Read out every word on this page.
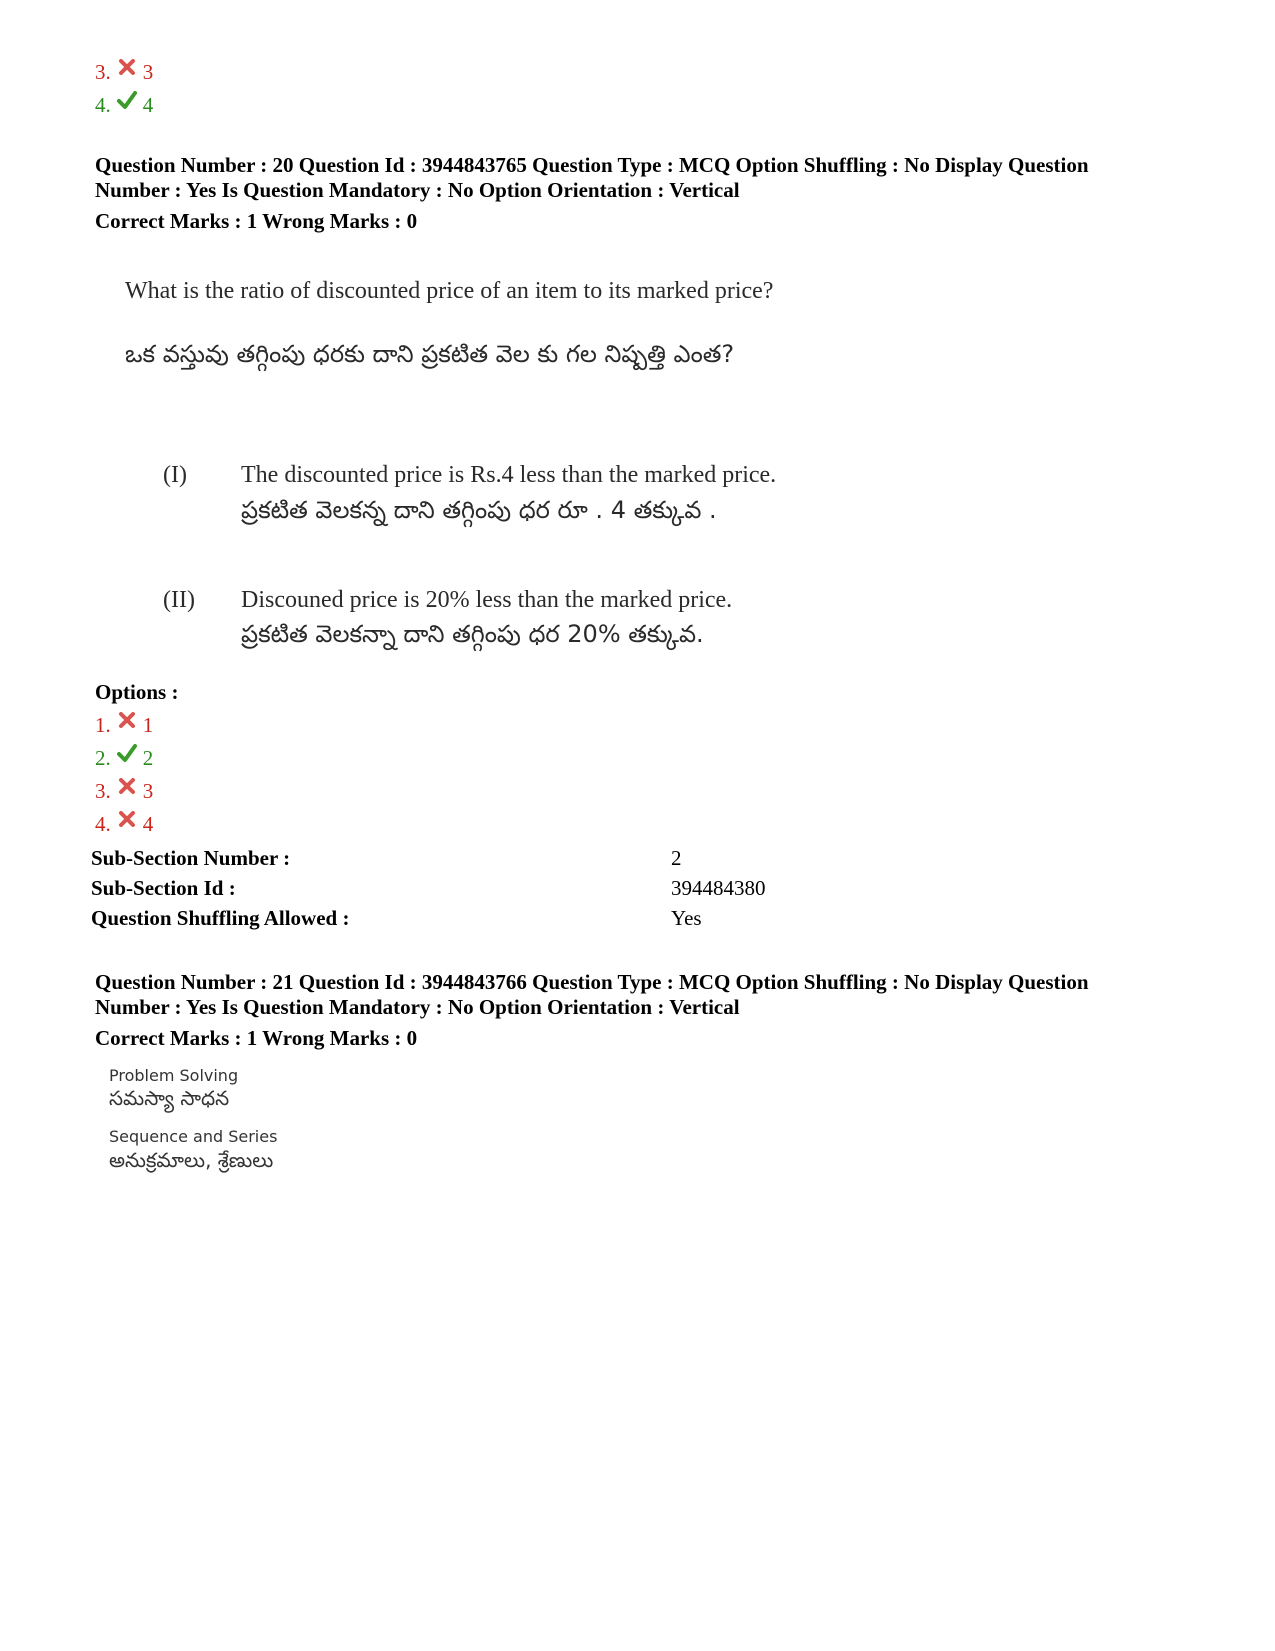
3. 3
4. 4
Question Number : 20 Question Id : 3944843765 Question Type : MCQ Option Shuffling : No Display Question
Number : Yes Is Question Mandatory : No Option Orientation : Vertical
Correct Marks : 1 Wrong Marks : 0
What is the ratio of discounted price of an item to its marked price?
ఒక వస్తువు తగ్గింపు ధరకు దాని ప్రకటిత వెల కు గల నిష్పత్తి ఎంత?
(I) The discounted price is Rs.4 less than the marked price.
ప్రకటిత వెలకన్న దాని తగ్గింపు ధర రూ . 4 తక్కువ .
(II) Discouned price is 20% less than the marked price.
ప్రకటిత వెలకన్నా దాని తగ్గింపు ధర 20% తక్కువ.
Options :
1. 1
2. 2
3. 3
4. 4
Sub-Section Number :	2
Sub-Section Id :	394484380
Question Shuffling Allowed :	Yes
Question Number : 21 Question Id : 3944843766 Question Type : MCQ Option Shuffling : No Display Question
Number : Yes Is Question Mandatory : No Option Orientation : Vertical
Correct Marks : 1 Wrong Marks : 0
Problem Solving
సమస్యా సాధన
Sequence and Series
అనుక్రమాలు, శ్రేణులు
